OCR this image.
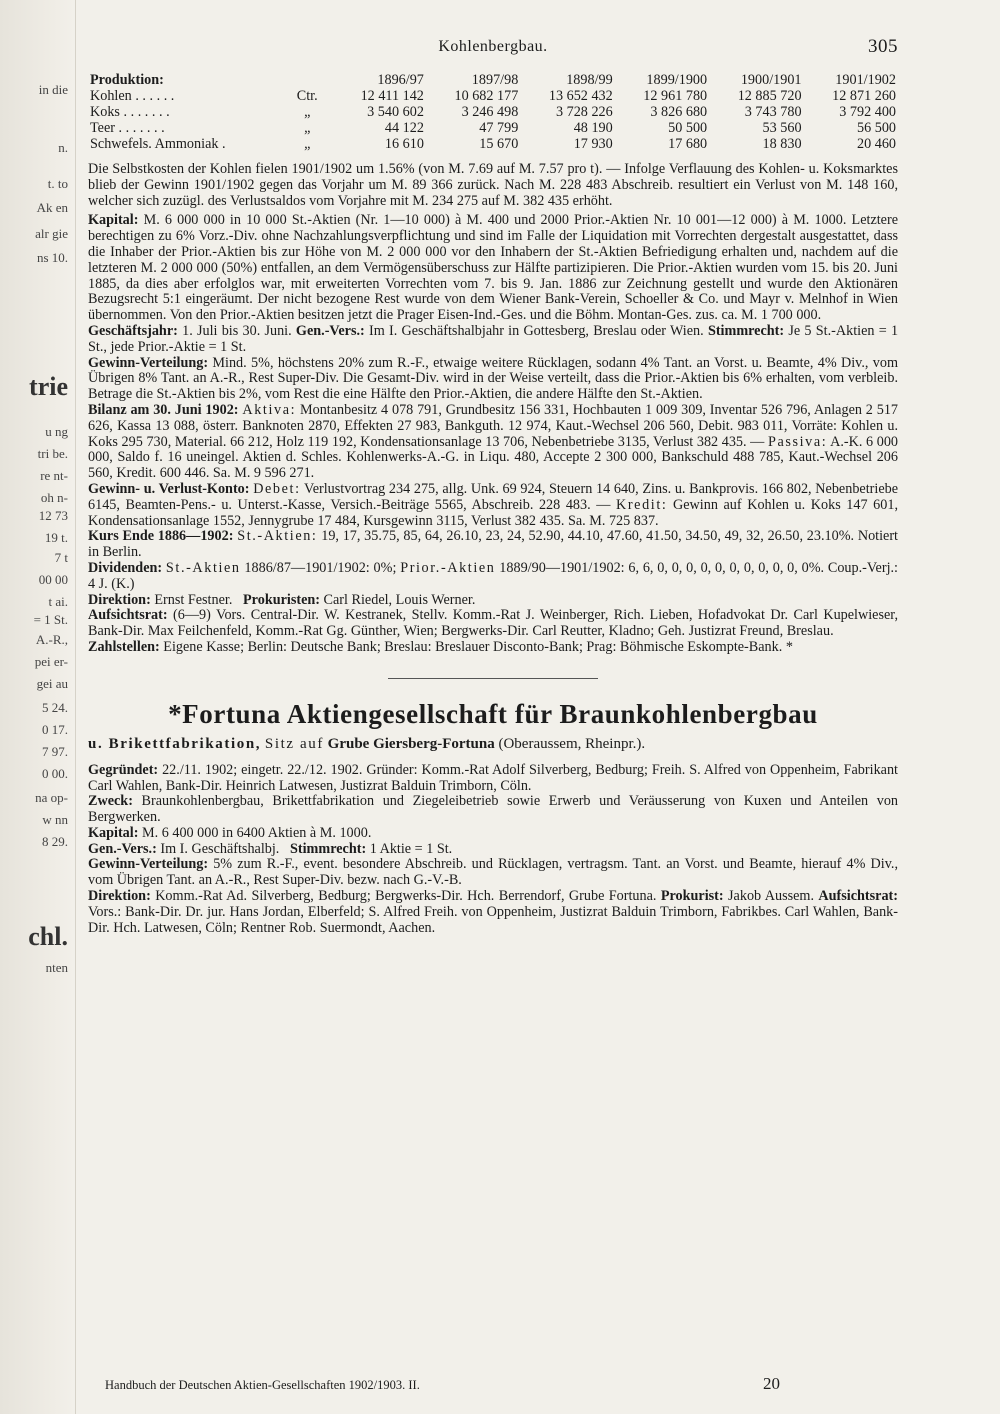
in die
n.
t. to
Ak en
alr gie
ns 10.
trie
u ng
tri be.
re nt-
oh n-
12 73
19 t.
7 t
00 00
t ai.
= 1 St.
A.-R.,
pei er-
gei au
5 24.
0 17.
7 97.
0 00.
na op-
w nn
8 29.
chl.
nten
Kohlenbergbau.	305
Produktion:		1896/97	1897/98	1898/99	1899/1900	1900/1901	1901/1902
Kohlen . . . . . .	Ctr.	12 411 142	10 682 177	13 652 432	12 961 780	12 885 720	12 871 260
Koks . . . . . . .	„	3 540 602	3 246 498	3 728 226	3 826 680	3 743 780	3 792 400
Teer . . . . . . .	„	44 122	47 799	48 190	50 500	53 560	56 500
Schwefels. Ammoniak .	„	16 610	15 670	17 930	17 680	18 830	20 460

Die Selbstkosten der Kohlen fielen 1901/1902 um 1.56% (von M. 7.69 auf M. 7.57 pro t). — Infolge Verflauung des Kohlen- u. Koksmarktes blieb der Gewinn 1901/1902 gegen das Vorjahr um M. 89 366 zurück. Nach M. 228 483 Abschreib. resultiert ein Verlust von M. 148 160, welcher sich zuzügl. des Verlustsaldos vom Vorjahre mit M. 234 275 auf M. 382 435 erhöht.

Kapital: M. 6 000 000 in 10 000 St.-Aktien (Nr. 1—10 000) à M. 400 und 2000 Prior.-Aktien Nr. 10 001—12 000) à M. 1000. Letztere berechtigen zu 6% Vorz.-Div. ohne Nachzahlungsverpflichtung und sind im Falle der Liquidation mit Vorrechten dergestalt ausgestattet, dass die Inhaber der Prior.-Aktien bis zur Höhe von M. 2 000 000 vor den Inhabern der St.-Aktien Befriedigung erhalten und, nachdem auf die letzteren M. 2 000 000 (50%) entfallen, an dem Vermögensüberschuss zur Hälfte partizipieren. Die Prior.-Aktien wurden vom 15. bis 20. Juni 1885, da dies aber erfolglos war, mit erweiterten Vorrechten vom 7. bis 9. Jan. 1886 zur Zeichnung gestellt und wurde den Aktionären Bezugsrecht 5:1 eingeräumt. Der nicht bezogene Rest wurde von dem Wiener Bank-Verein, Schoeller & Co. und Mayr v. Melnhof in Wien übernommen. Von den Prior.-Aktien besitzen jetzt die Prager Eisen-Ind.-Ges. und die Böhm. Montan-Ges. zus. ca. M. 1 700 000.

Geschäftsjahr: 1. Juli bis 30. Juni. Gen.-Vers.: Im I. Geschäftshalbjahr in Gottesberg, Breslau oder Wien. Stimmrecht: Je 5 St.-Aktien = 1 St., jede Prior.-Aktie = 1 St.

Gewinn-Verteilung: Mind. 5%, höchstens 20% zum R.-F., etwaige weitere Rücklagen, sodann 4% Tant. an Vorst. u. Beamte, 4% Div., vom Übrigen 8% Tant. an A.-R., Rest Super-Div. Die Gesamt-Div. wird in der Weise verteilt, dass die Prior.-Aktien bis 6% erhalten, vom verbleib. Betrage die St.-Aktien bis 2%, vom Rest die eine Hälfte den Prior.-Aktien, die andere Hälfte den St.-Aktien.

Bilanz am 30. Juni 1902: Aktiva: Montanbesitz 4 078 791, Grundbesitz 156 331, Hochbauten 1 009 309, Inventar 526 796, Anlagen 2 517 626, Kassa 13 088, österr. Banknoten 2870, Effekten 27 983, Bankguth. 12 974, Kaut.-Wechsel 206 560, Debit. 983 011, Vorräte: Kohlen u. Koks 295 730, Material. 66 212, Holz 119 192, Kondensationsanlage 13 706, Nebenbetriebe 3135, Verlust 382 435. — Passiva: A.-K. 6 000 000, Saldo f. 16 uneingel. Aktien d. Schles. Kohlenwerks-A.-G. in Liqu. 480, Accepte 2 300 000, Bankschuld 488 785, Kaut.-Wechsel 206 560, Kredit. 600 446. Sa. M. 9 596 271.

Gewinn- u. Verlust-Konto: Debet: Verlustvortrag 234 275, allg. Unk. 69 924, Steuern 14 640, Zins. u. Bankprovis. 166 802, Nebenbetriebe 6145, Beamten-Pens.- u. Unterst.-Kasse, Versich.-Beiträge 5565, Abschreib. 228 483. — Kredit: Gewinn auf Kohlen u. Koks 147 601, Kondensationsanlage 1552, Jennygrube 17 484, Kursgewinn 3115, Verlust 382 435. Sa. M. 725 837.

Kurs Ende 1886—1902: St.-Aktien: 19, 17, 35.75, 85, 64, 26.10, 23, 24, 52.90, 44.10, 47.60, 41.50, 34.50, 49, 32, 26.50, 23.10%. Notiert in Berlin.

Dividenden: St.-Aktien 1886/87—1901/1902: 0%; Prior.-Aktien 1889/90—1901/1902: 6, 6, 0, 0, 0, 0, 0, 0, 0, 0, 0, 0, 0%. Coup.-Verj.: 4 J. (K.)

Direktion: Ernst Festner. Prokuristen: Carl Riedel, Louis Werner.

Aufsichtsrat: (6—9) Vors. Central-Dir. W. Kestranek, Stellv. Komm.-Rat J. Weinberger, Rich. Lieben, Hofadvokat Dr. Carl Kupelwieser, Bank-Dir. Max Feilchenfeld, Komm.-Rat Gg. Günther, Wien; Bergwerks-Dir. Carl Reutter, Kladno; Geh. Justizrat Freund, Breslau.

Zahlstellen: Eigene Kasse; Berlin: Deutsche Bank; Breslau: Breslauer Disconto-Bank; Prag: Böhmische Eskompte-Bank. *

*Fortuna Aktiengesellschaft für Braunkohlenbergbau
u. Brikettfabrikation, Sitz auf Grube Giersberg-Fortuna (Oberaussem, Rheinpr.).

Gegründet: 22./11. 1902; eingetr. 22./12. 1902. Gründer: Komm.-Rat Adolf Silverberg, Bedburg; Freih. S. Alfred von Oppenheim, Fabrikant Carl Wahlen, Bank-Dir. Heinrich Latwesen, Justizrat Balduin Trimborn, Cöln.

Zweck: Braunkohlenbergbau, Brikettfabrikation und Ziegeleibetrieb sowie Erwerb und Veräusserung von Kuxen und Anteilen von Bergwerken.

Kapital: M. 6 400 000 in 6400 Aktien à M. 1000.

Gen.-Vers.: Im I. Geschäftshalbj. Stimmrecht: 1 Aktie = 1 St.

Gewinn-Verteilung: 5% zum R.-F., event. besondere Abschreib. und Rücklagen, vertragsm. Tant. an Vorst. und Beamte, hierauf 4% Div., vom Übrigen Tant. an A.-R., Rest Super-Div. bezw. nach G.-V.-B.

Direktion: Komm.-Rat Ad. Silverberg, Bedburg; Bergwerks-Dir. Hch. Berrendorf, Grube Fortuna. Prokurist: Jakob Aussem. Aufsichtsrat: Vors.: Bank-Dir. Dr. jur. Hans Jordan, Elberfeld; S. Alfred Freih. von Oppenheim, Justizrat Balduin Trimborn, Fabrikbes. Carl Wahlen, Bank-Dir. Hch. Latwesen, Cöln; Rentner Rob. Suermondt, Aachen.

Handbuch der Deutschen Aktien-Gesellschaften 1902/1903. II.	20
